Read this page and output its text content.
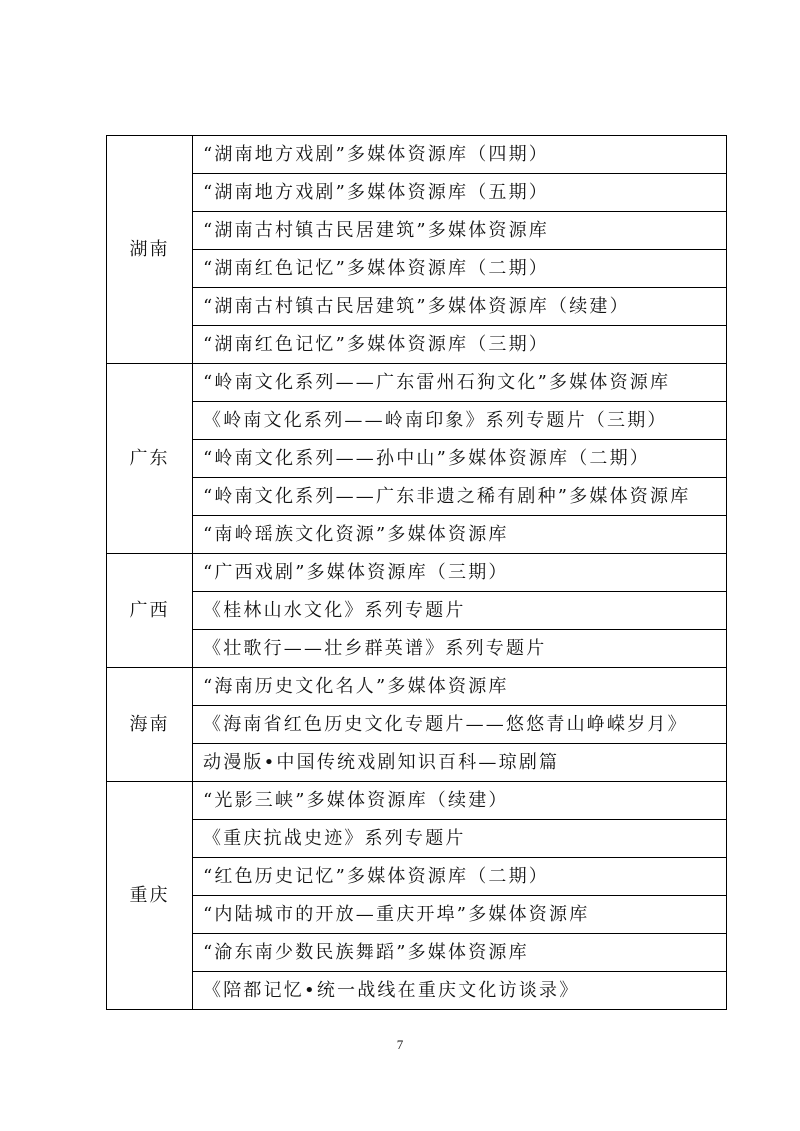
湖南	“湖南地方戏剧”多媒体资源库（四期）
	“湖南地方戏剧”多媒体资源库（五期）
	“湖南古村镇古民居建筑”多媒体资源库
	“湖南红色记忆”多媒体资源库（二期）
	“湖南古村镇古民居建筑”多媒体资源库（续建）
	“湖南红色记忆”多媒体资源库（三期）
广东	“岭南文化系列——广东雷州石狗文化”多媒体资源库
	《岭南文化系列——岭南印象》系列专题片（三期）
	“岭南文化系列——孙中山”多媒体资源库（二期）
	“岭南文化系列——广东非遗之稀有剧种”多媒体资源库
	“南岭瑶族文化资源”多媒体资源库
广西	“广西戏剧”多媒体资源库（三期）
	《桂林山水文化》系列专题片
	《壮歌行——壮乡群英谱》系列专题片
海南	“海南历史文化名人”多媒体资源库
	《海南省红色历史文化专题片——悠悠青山峥嵘岁月》
	动漫版•中国传统戏剧知识百科—琼剧篇
重庆	“光影三峡”多媒体资源库（续建）
	《重庆抗战史迹》系列专题片
	“红色历史记忆”多媒体资源库（二期）
	“内陆城市的开放—重庆开埠”多媒体资源库
	“渝东南少数民族舞蹈”多媒体资源库
	《陪都记忆•统一战线在重庆文化访谈录》
7
